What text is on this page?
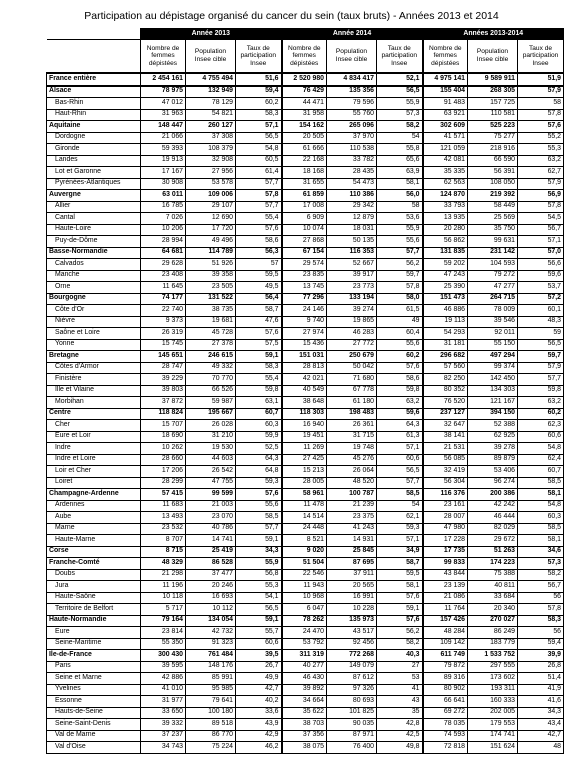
Participation au dépistage organisé du cancer du sein (taux bruts) - Années 2013 et 2014
	Année 2013			Année 2014			Années 2013-2014		
	Nombre de femmes dépistées	Population Insee cible	Taux de participation Insee	Nombre de femmes dépistées	Population Insee cible	Taux de participation Insee	Nombre de femmes dépistées	Population Insee cible	Taux de participation Insee
France entière	2 454 161	4 755 494	51,6	2 520 980	4 834 417	52,1	4 975 141	9 589 911	51,9
Alsace	78 975	132 949	59,4	76 429	135 356	56,5	155 404	268 305	57,9
Bas-Rhin	47 012	78 129	60,2	44 471	79 596	55,9	91 483	157 725	58
Haut-Rhin	31 963	54 821	58,3	31 958	55 760	57,3	63 921	110 581	57,8
Aquitaine	148 447	260 127	57,1	154 162	265 096	58,2	302 609	525 223	57,6
Dordogne	21 066	37 308	56,5	20 505	37 970	54	41 571	75 277	55,2
Gironde	59 393	108 379	54,8	61 666	110 538	55,8	121 059	218 916	55,3
Landes	19 913	32 908	60,5	22 168	33 782	65,6	42 081	66 590	63,2
Lot et Garonne	17 167	27 956	61,4	18 168	28 435	63,9	35 335	56 391	62,7
Pyrénées-Atlantiques	30 908	53 578	57,7	31 655	54 473	58,1	62 563	108 050	57,9
Auvergne	63 011	109 006	57,8	61 859	110 386	56,0	124 870	219 392	56,9
Allier	16 785	29 107	57,7	17 008	29 342	58	33 793	58 449	57,8
Cantal	7 026	12 690	55,4	6 909	12 879	53,6	13 935	25 569	54,5
Haute-Loire	10 206	17 720	57,6	10 074	18 031	55,9	20 280	35 750	56,7
Puy-de-Dôme	28 994	49 496	58,6	27 868	50 135	55,6	56 862	99 631	57,1
Basse-Normandie	64 681	114 789	56,3	67 154	116 353	57,7	131 835	231 142	57,0
Calvados	29 628	51 926	57	29 574	52 667	56,2	59 202	104 593	56,6
Manche	23 408	39 358	59,5	23 835	39 917	59,7	47 243	79 272	59,6
Orne	11 645	23 505	49,5	13 745	23 773	57,8	25 390	47 277	53,7
Bourgogne	74 177	131 522	56,4	77 296	133 194	58,0	151 473	264 715	57,2
Côte d'Or	22 740	38 735	58,7	24 146	39 274	61,5	46 886	78 009	60,1
Nièvre	9 373	19 681	47,6	9 740	19 865	49	19 113	39 546	48,3
Saône et Loire	26 319	45 728	57,6	27 974	46 283	60,4	54 293	92 011	59
Yonne	15 745	27 378	57,5	15 436	27 772	55,6	31 181	55 150	56,5
Bretagne	145 651	246 615	59,1	151 031	250 679	60,2	296 682	497 294	59,7
Côtes d'Armor	28 747	49 332	58,3	28 813	50 042	57,6	57 560	99 374	57,9
Finistère	39 229	70 770	55,4	42 021	71 680	58,6	82 250	142 450	57,7
Ille et Vilaine	39 803	66 526	59,8	40 549	67 778	59,8	80 352	134 303	59,8
Morbihan	37 872	59 987	63,1	38 648	61 180	63,2	76 520	121 167	63,2
Centre	118 824	195 667	60,7	118 303	198 483	59,6	237 127	394 150	60,2
Cher	15 707	26 028	60,3	16 940	26 361	64,3	32 647	52 388	62,3
Eure et Loir	18 690	31 210	59,9	19 451	31 715	61,3	38 141	62 925	60,6
Indre	10 262	19 530	52,5	11 269	19 748	57,1	21 531	39 278	54,8
Indre et Loire	28 660	44 603	64,3	27 425	45 276	60,6	56 085	89 879	62,4
Loir et Cher	17 206	26 542	64,8	15 213	26 064	56,5	32 419	53 406	60,7
Loiret	28 299	47 755	59,3	28 005	48 520	57,7	56 304	96 274	58,5
Champagne-Ardenne	57 415	99 599	57,6	58 961	100 787	58,5	116 376	200 386	58,1
Ardennes	11 683	21 003	55,6	11 478	21 239	54	23 161	42 242	54,8
Aube	13 493	23 070	58,5	14 514	23 375	62,1	28 007	46 444	60,3
Marne	23 532	40 786	57,7	24 448	41 243	59,3	47 980	82 029	58,5
Haute-Marne	8 707	14 741	59,1	8 521	14 931	57,1	17 228	29 672	58,1
Corse	8 715	25 419	34,3	9 020	25 845	34,9	17 735	51 263	34,6
Franche-Comté	48 329	86 528	55,9	51 504	87 695	58,7	99 833	174 223	57,3
Doubs	21 298	37 477	56,8	22 546	37 911	59,5	43 844	75 388	58,2
Jura	11 196	20 246	55,3	11 943	20 565	58,1	23 139	40 811	56,7
Haute-Saône	10 118	16 693	54,1	10 968	16 991	57,6	21 086	33 684	56
Territoire de Belfort	5 717	10 112	56,5	6 047	10 228	59,1	11 764	20 340	57,8
Haute-Normandie	79 164	134 054	59,1	78 262	135 973	57,6	157 426	270 027	58,3
Eure	23 814	42 732	55,7	24 470	43 517	56,2	48 284	86 249	56
Seine-Maritime	55 350	91 323	60,6	53 792	92 456	58,2	109 142	183 779	59,4
Ile-de-France	300 430	761 484	39,5	311 319	772 268	40,3	611 749	1 533 752	39,9
Paris	39 595	148 176	26,7	40 277	149 079	27	79 872	297 555	26,8
Seine et Marne	42 886	85 991	49,9	46 430	87 612	53	89 316	173 602	51,4
Yvelines	41 010	95 985	42,7	39 892	97 326	41	80 902	193 311	41,9
Essonne	31 977	79 641	40,2	34 664	80 693	43	66 641	160 333	41,6
Hauts-de-Seine	33 650	100 180	33,6	35 622	101 825	35	69 272	202 005	34,3
Seine-Saint-Denis	39 332	89 518	43,9	38 703	90 035	42,8	78 035	179 553	43,4
Val de Marne	37 237	86 770	42,9	37 356	87 971	42,5	74 593	174 741	42,7
Val d'Oise	34 743	75 224	46,2	38 075	76 400	49,8	72 818	151 624	48
